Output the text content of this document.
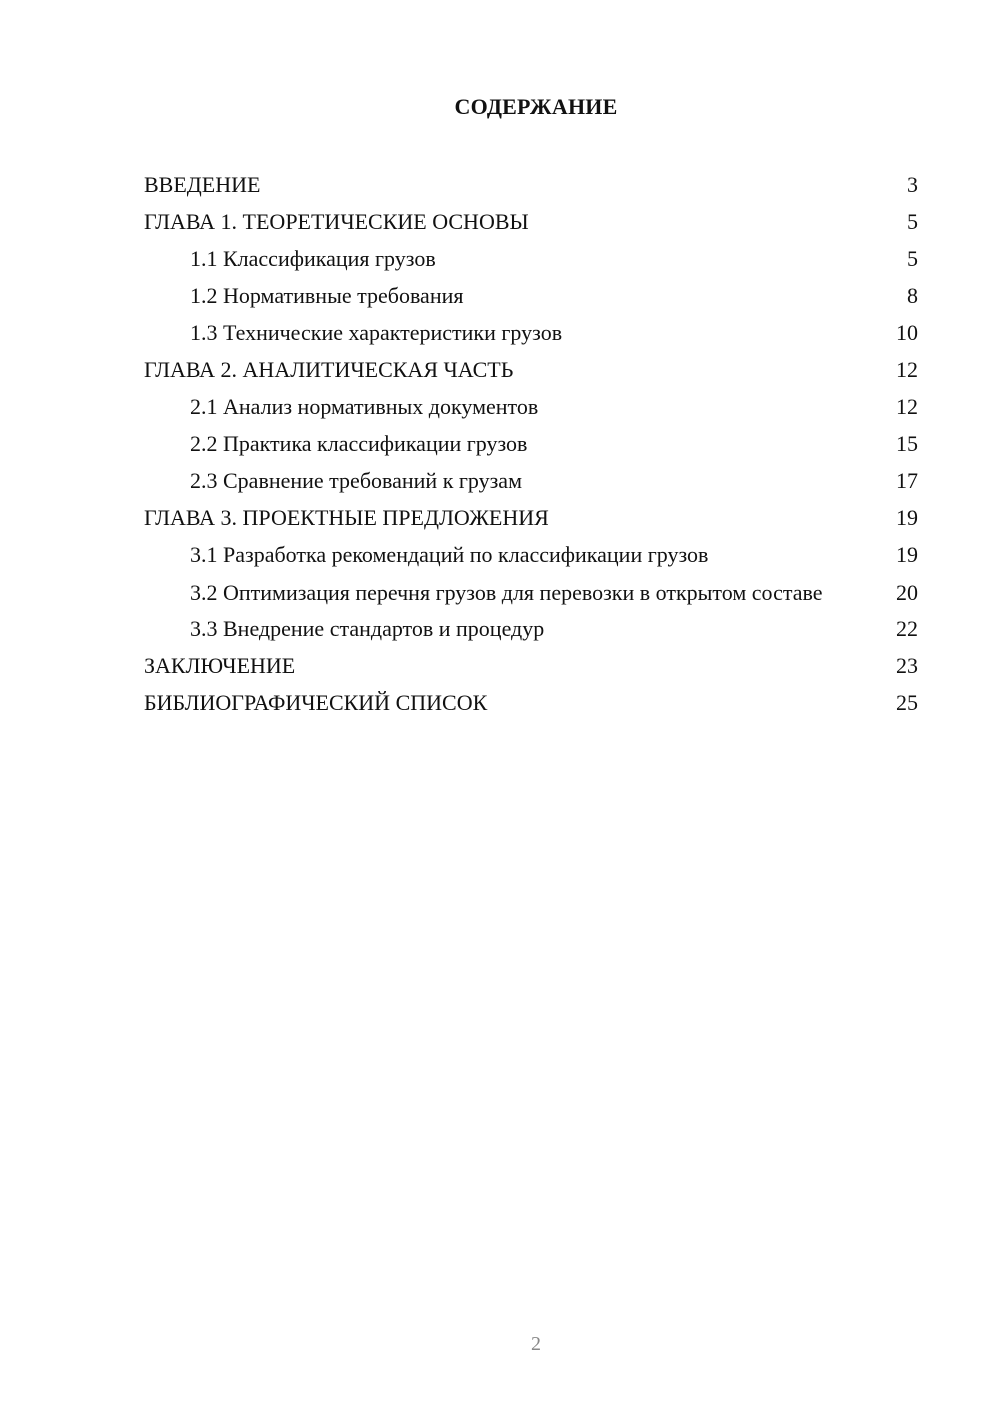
СОДЕРЖАНИЕ
ВВЕДЕНИЕ	3
ГЛАВА 1. ТЕОРЕТИЧЕСКИЕ ОСНОВЫ	5
1.1 Классификация грузов	5
1.2 Нормативные требования	8
1.3 Технические характеристики грузов	10
ГЛАВА 2. АНАЛИТИЧЕСКАЯ ЧАСТЬ	12
2.1 Анализ нормативных документов	12
2.2 Практика классификации грузов	15
2.3 Сравнение требований к грузам	17
ГЛАВА 3. ПРОЕКТНЫЕ ПРЕДЛОЖЕНИЯ	19
3.1 Разработка рекомендаций по классификации грузов	19
3.2 Оптимизация перечня грузов для перевозки в открытом составе	20
3.3 Внедрение стандартов и процедур	22
ЗАКЛЮЧЕНИЕ	23
БИБЛИОГРАФИЧЕСКИЙ СПИСОК	25
2
